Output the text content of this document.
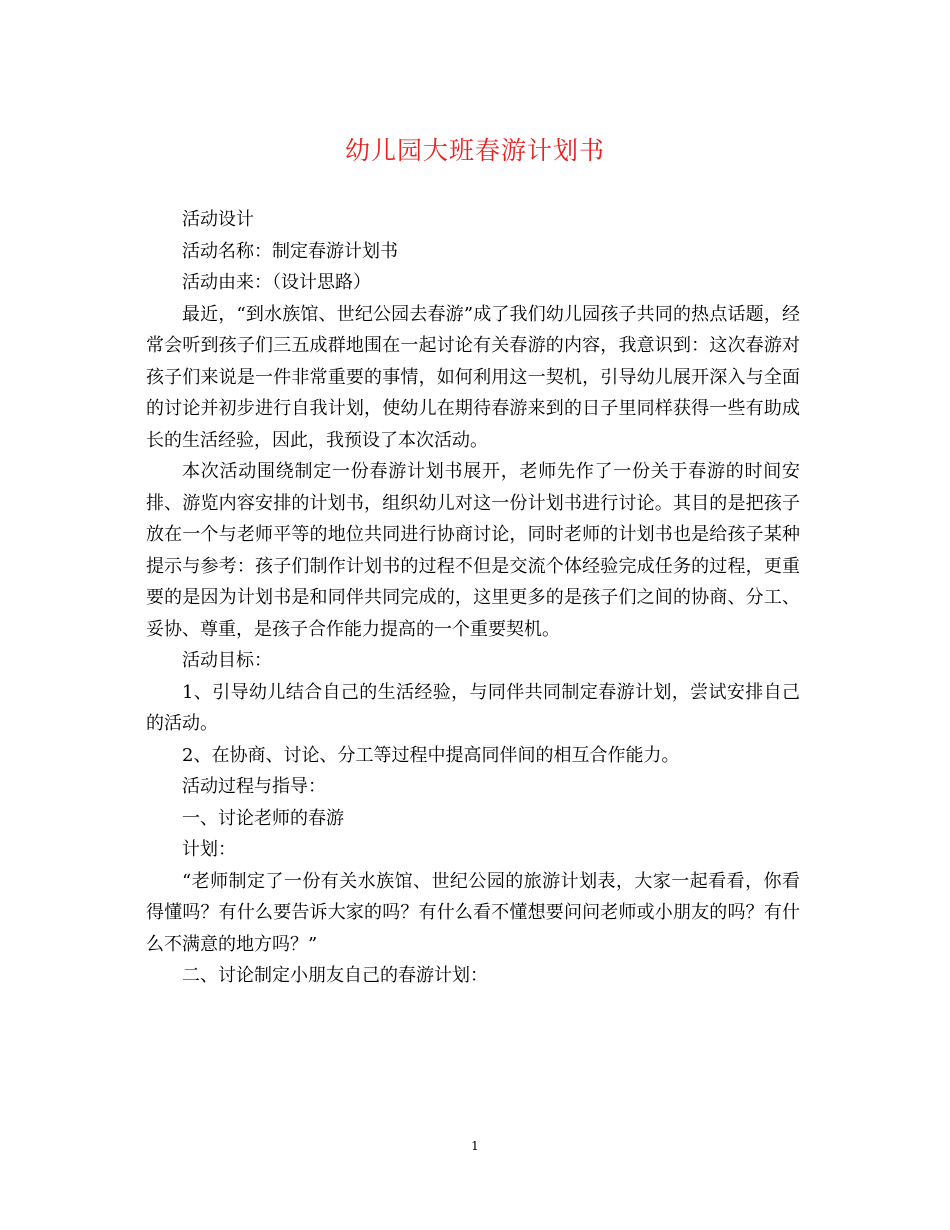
幼儿园大班春游计划书

活动设计

活动名称：制定春游计划书

活动由来：（设计思路）

最近，“到水族馆、世纪公园去春游”成了我们幼儿园孩子共同的热点话题，经常会听到孩子们三五成群地围在一起讨论有关春游的内容，我意识到：这次春游对孩子们来说是一件非常重要的事情，如何利用这一契机，引导幼儿展开深入与全面的讨论并初步进行自我计划，使幼儿在期待春游来到的日子里同样获得一些有助成长的生活经验，因此，我预设了本次活动。

本次活动围绕制定一份春游计划书展开，老师先作了一份关于春游的时间安排、游览内容安排的计划书，组织幼儿对这一份计划书进行讨论。其目的是把孩子放在一个与老师平等的地位共同进行协商讨论，同时老师的计划书也是给孩子某种提示与参考：孩子们制作计划书的过程不但是交流个体经验完成任务的过程，更重要的是因为计划书是和同伴共同完成的，这里更多的是孩子们之间的协商、分工、妥协、尊重，是孩子合作能力提高的一个重要契机。

活动目标：

1、引导幼儿结合自己的生活经验，与同伴共同制定春游计划，尝试安排自己的活动。

2、在协商、讨论、分工等过程中提高同伴间的相互合作能力。

活动过程与指导：

一、讨论老师的春游

计划：

“老师制定了一份有关水族馆、世纪公园的旅游计划表，大家一起看看，你看得懂吗？有什么要告诉大家的吗？有什么看不懂想要问问老师或小朋友的吗？有什么不满意的地方吗？”

二、讨论制定小朋友自己的春游计划：

1
